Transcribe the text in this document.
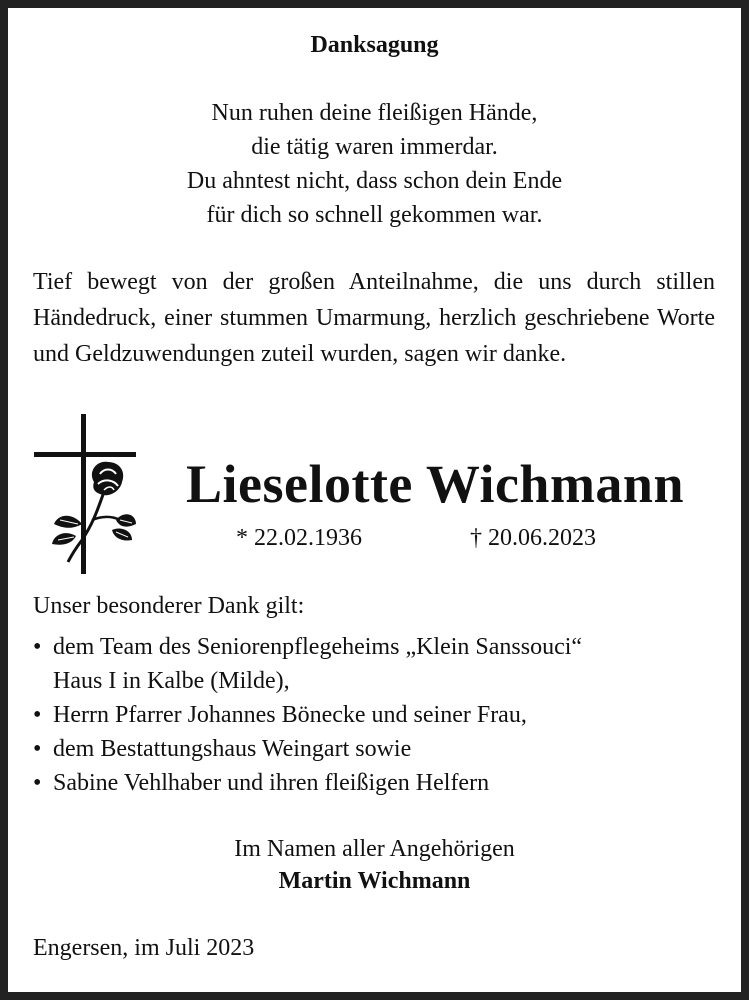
Danksagung
Nun ruhen deine fleißigen Hände,
die tätig waren immerdar.
Du ahntest nicht, dass schon dein Ende
für dich so schnell gekommen war.
Tief bewegt von der großen Anteilnahme, die uns durch stillen Händedruck, einer stummen Umarmung, herzlich geschriebene Worte und Geldzuwendungen zuteil wurden, sagen wir danke.
Lieselotte Wichmann
* 22.02.1936	† 20.06.2023
Unser besonderer Dank gilt:
• dem Team des Seniorenpflegeheims „Klein Sanssouci“
Haus I in Kalbe (Milde),
• Herrn Pfarrer Johannes Bönecke und seiner Frau,
• dem Bestattungshaus Weingart sowie
• Sabine Vehlhaber und ihren fleißigen Helfern
Im Namen aller Angehörigen
Martin Wichmann
Engersen, im Juli 2023
